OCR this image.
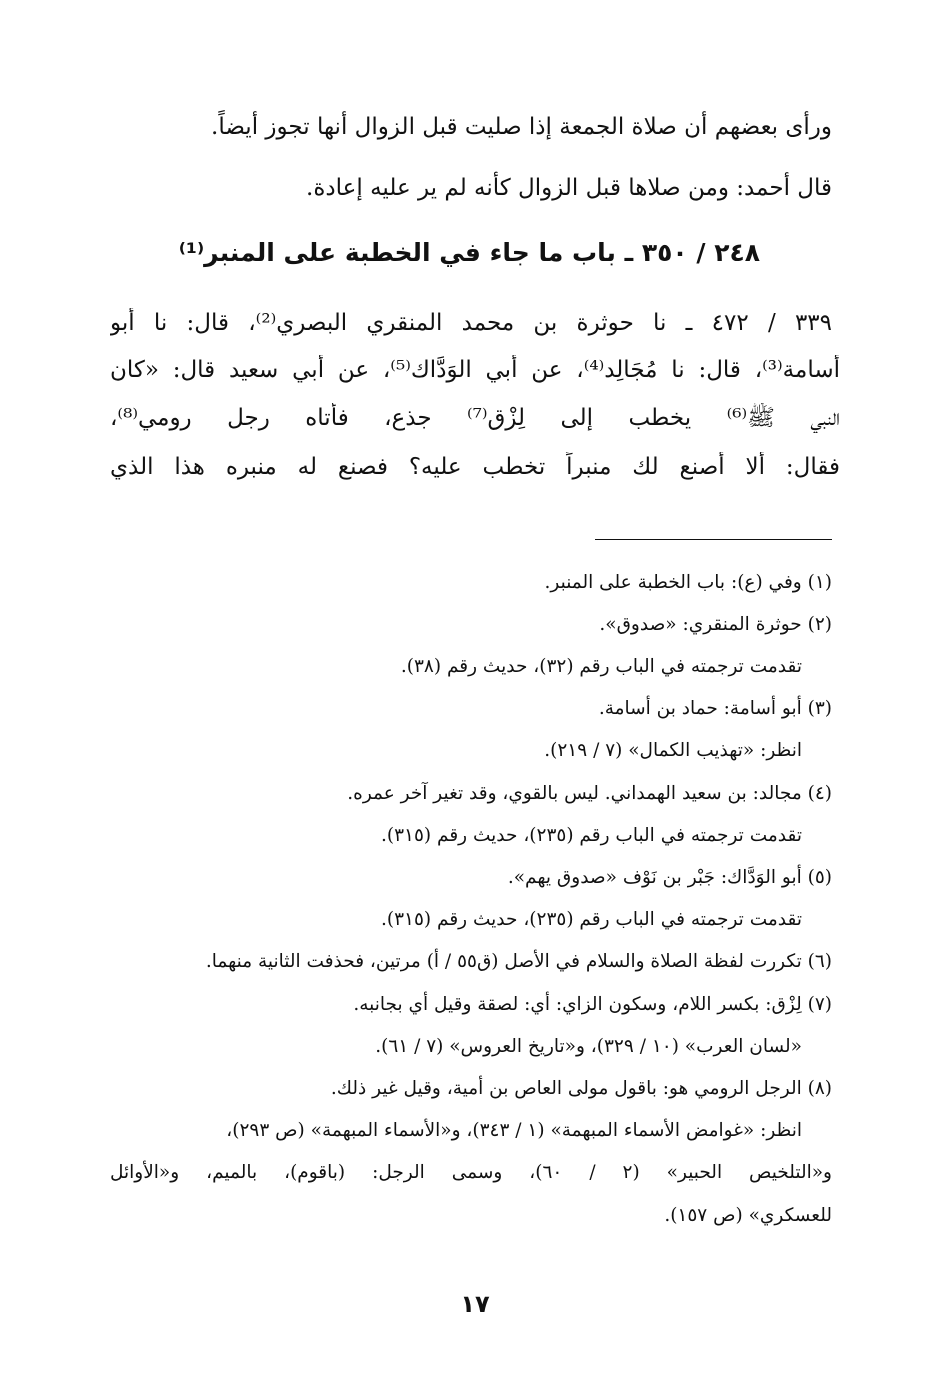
ورأى بعضهم أن صلاة الجمعة إذا صليت قبل الزوال أنها تجوز أيضاً.
قال أحمد: ومن صلاها قبل الزوال كأنه لم ير عليه إعادة.
٢٤٨ / ٣٥٠ ـ باب ما جاء في الخطبة على المنبر⁽¹⁾
٣٣٩ / ٤٧٢ ـ نا حوثرة بن محمد المنقري البصري⁽²⁾، قال: نا أبو
أسامة⁽³⁾، قال: نا مُجَالِد⁽⁴⁾، عن أبي الوَدَّاك⁽⁵⁾، عن أبي سعيد قال: «كان
النبي ﷺ⁽⁶⁾ يخطب إلى لِزْق⁽⁷⁾ جذع، فأتاه رجل رومي⁽⁸⁾،
فقال: ألا أصنع لك منبراً تخطب عليه؟ فصنع له منبره هذا الذي
(١) وفي (ع): باب الخطبة على المنبر.
(٢) حوثرة المنقري: «صدوق».
تقدمت ترجمته في الباب رقم (٣٢)، حديث رقم (٣٨).
(٣) أبو أسامة: حماد بن أسامة.
انظر: «تهذيب الكمال» (٧ / ٢١٩).
(٤) مجالد: بن سعيد الهمداني. ليس بالقوي، وقد تغير آخر عمره.
تقدمت ترجمته في الباب رقم (٢٣٥)، حديث رقم (٣١٥).
(٥) أبو الوَدَّاك: جَبْر بن نَوْف «صدوق يهم».
تقدمت ترجمته في الباب رقم (٢٣٥)، حديث رقم (٣١٥).
(٦) تكررت لفظة الصلاة والسلام في الأصل (ق٥٥ / أ) مرتين، فحذفت الثانية منهما.
(٧) لِزْق: بكسر اللام، وسكون الزاي: أي: لصقة وقيل أي بجانبه.
«لسان العرب» (١٠ / ٣٢٩)، و«تاريخ العروس» (٧ / ٦١).
(٨) الرجل الرومي هو: باقول مولى العاص بن أمية، وقيل غير ذلك.
انظر: «غوامض الأسماء المبهمة» (١ / ٣٤٣)، و«الأسماء المبهمة» (ص ٢٩٣)،
و«التلخيص الحبير» (٢ / ٦٠)، وسمى الرجل: (باقوم)، بالميم، و«الأوائل
للعسكري» (ص ١٥٧).
١٧
